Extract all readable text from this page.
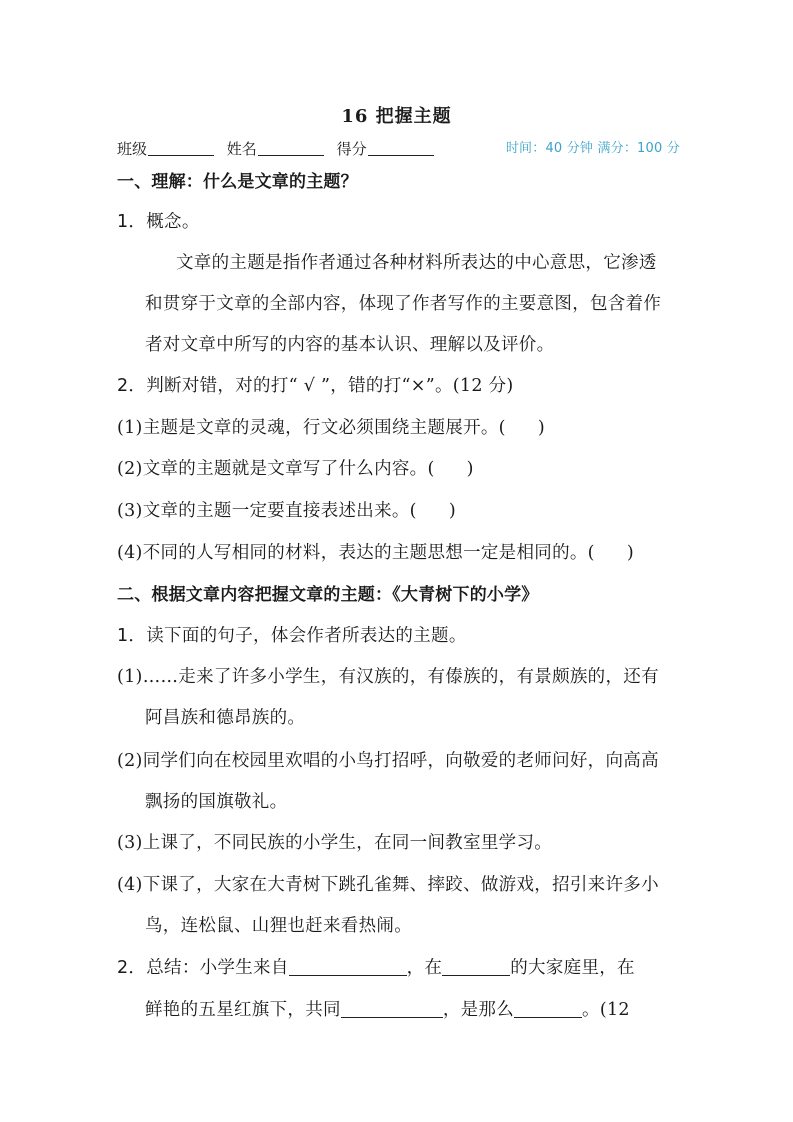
16 把握主题
班级	姓名	得分	时间：40 分钟 满分：100 分
一、理解：什么是文章的主题？
1．概念。
文章的主题是指作者通过各种材料所表达的中心意思，它渗透
和贯穿于文章的全部内容，体现了作者写作的主要意图，包含着作
者对文章中所写的内容的基本认识、理解以及评价。
2．判断对错，对的打“ √ ”，错的打“×”。(12 分)
(1)主题是文章的灵魂，行文必须围绕主题展开。( )
(2)文章的主题就是文章写了什么内容。( )
(3)文章的主题一定要直接表述出来。( )
(4)不同的人写相同的材料，表达的主题思想一定是相同的。( )
二、根据文章内容把握文章的主题：《大青树下的小学》
1．读下面的句子，体会作者所表达的主题。
(1)……走来了许多小学生，有汉族的，有傣族的，有景颇族的，还有
阿昌族和德昂族的。
(2)同学们向在校园里欢唱的小鸟打招呼，向敬爱的老师问好，向高高
飘扬的国旗敬礼。
(3)上课了，不同民族的小学生，在同一间教室里学习。
(4)下课了，大家在大青树下跳孔雀舞、摔跤、做游戏，招引来许多小
鸟，连松鼠、山狸也赶来看热闹。
2．总结：小学生来自	，在	的大家庭里，在
鲜艳的五星红旗下，共同	，是那么	。(12
